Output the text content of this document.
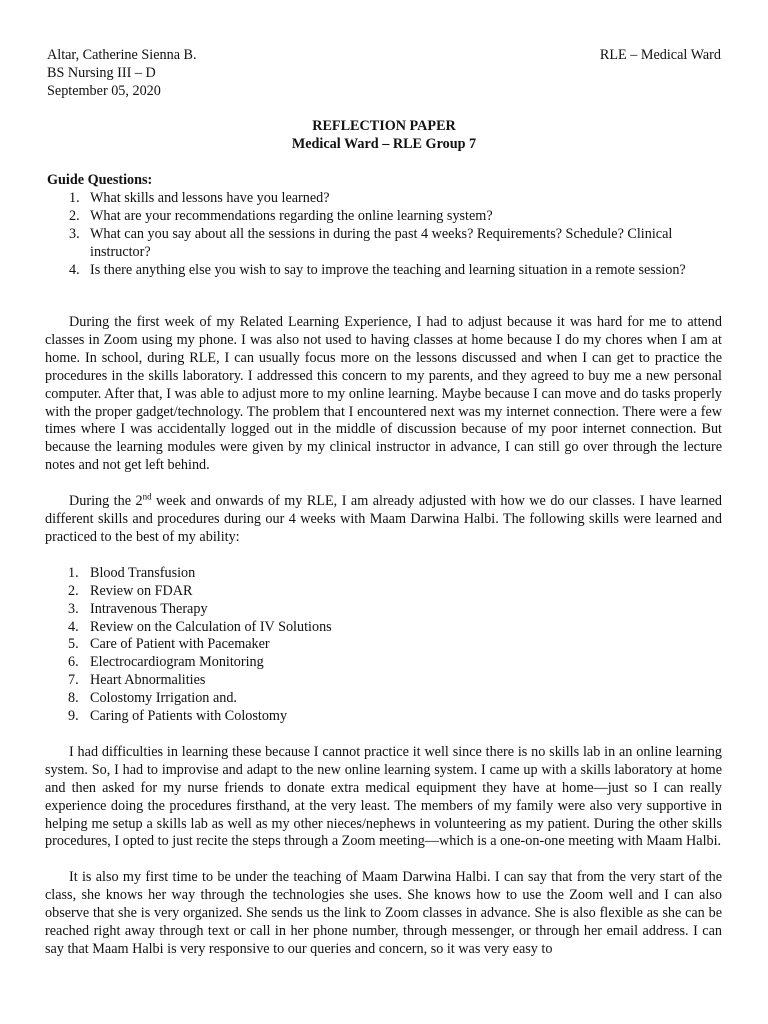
Altar, Catherine Sienna B.	RLE – Medical Ward
BS Nursing III – D
September 05, 2020
REFLECTION PAPER
Medical Ward – RLE Group 7
Guide Questions:
1. What skills and lessons have you learned?
2. What are your recommendations regarding the online learning system?
3. What can you say about all the sessions in during the past 4 weeks? Requirements? Schedule? Clinical instructor?
4. Is there anything else you wish to say to improve the teaching and learning situation in a remote session?

During the first week of my Related Learning Experience, I had to adjust because it was hard for me to attend classes in Zoom using my phone. I was also not used to having classes at home because I do my chores when I am at home. In school, during RLE, I can usually focus more on the lessons discussed and when I can get to practice the procedures in the skills laboratory. I addressed this concern to my parents, and they agreed to buy me a new personal computer. After that, I was able to adjust more to my online learning. Maybe because I can move and do tasks properly with the proper gadget/technology. The problem that I encountered next was my internet connection. There were a few times where I was accidentally logged out in the middle of discussion because of my poor internet connection. But because the learning modules were given by my clinical instructor in advance, I can still go over through the lecture notes and not get left behind.

During the 2nd week and onwards of my RLE, I am already adjusted with how we do our classes. I have learned different skills and procedures during our 4 weeks with Maam Darwina Halbi. The following skills were learned and practiced to the best of my ability:

1. Blood Transfusion
2. Review on FDAR
3. Intravenous Therapy
4. Review on the Calculation of IV Solutions
5. Care of Patient with Pacemaker
6. Electrocardiogram Monitoring
7. Heart Abnormalities
8. Colostomy Irrigation and.
9. Caring of Patients with Colostomy

I had difficulties in learning these because I cannot practice it well since there is no skills lab in an online learning system. So, I had to improvise and adapt to the new online learning system. I came up with a skills laboratory at home and then asked for my nurse friends to donate extra medical equipment they have at home—just so I can really experience doing the procedures firsthand, at the very least. The members of my family were also very supportive in helping me setup a skills lab as well as my other nieces/nephews in volunteering as my patient. During the other skills procedures, I opted to just recite the steps through a Zoom meeting—which is a one-on-one meeting with Maam Halbi.

It is also my first time to be under the teaching of Maam Darwina Halbi. I can say that from the very start of the class, she knows her way through the technologies she uses. She knows how to use the Zoom well and I can also observe that she is very organized. She sends us the link to Zoom classes in advance. She is also flexible as she can be reached right away through text or call in her phone number, through messenger, or through her email address. I can say that Maam Halbi is very responsive to our queries and concern, so it was very easy to
